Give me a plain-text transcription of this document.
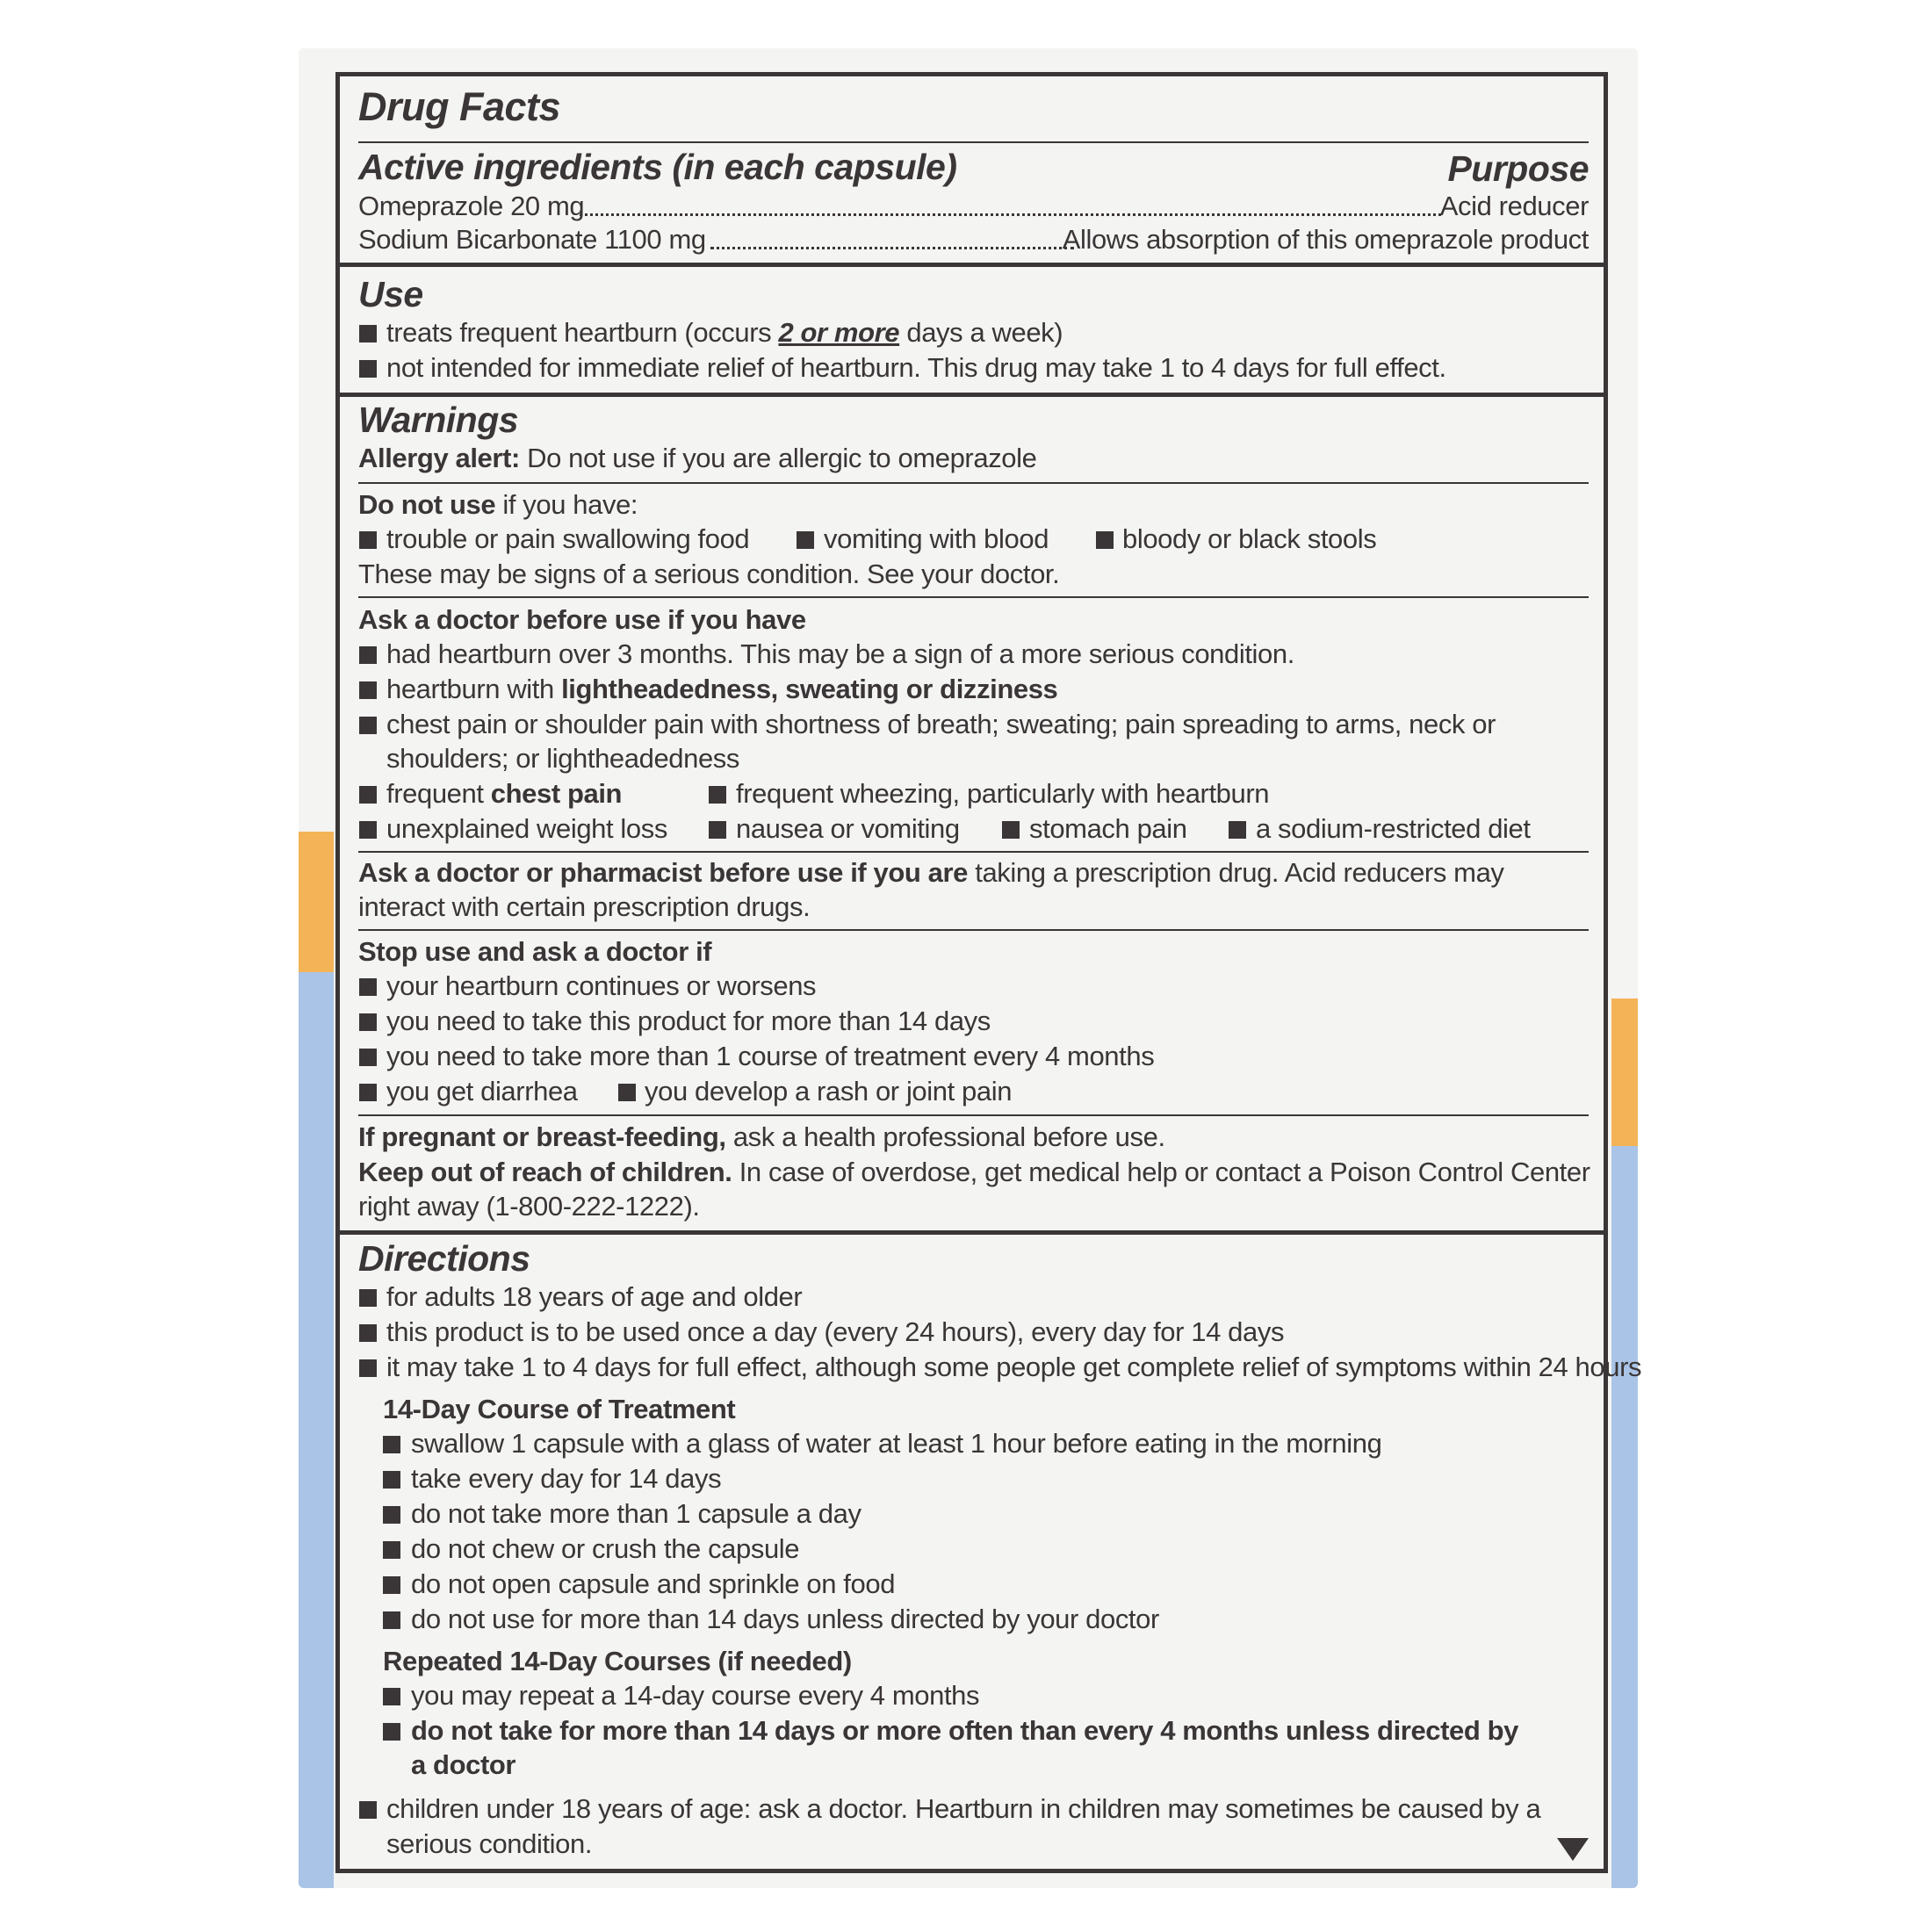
Drug Facts
Active ingredients (in each capsule)	Purpose
Omeprazole 20 mg	Acid reducer
Sodium Bicarbonate 1100 mg	Allows absorption of this omeprazole product
Use
treats frequent heartburn (occurs 2 or more days a week)
not intended for immediate relief of heartburn. This drug may take 1 to 4 days for full effect.
Warnings
Allergy alert: Do not use if you are allergic to omeprazole
Do not use if you have:
trouble or pain swallowing food	vomiting with blood	bloody or black stools
These may be signs of a serious condition. See your doctor.
Ask a doctor before use if you have
had heartburn over 3 months. This may be a sign of a more serious condition.
heartburn with lightheadedness, sweating or dizziness
chest pain or shoulder pain with shortness of breath; sweating; pain spreading to arms, neck or
shoulders; or lightheadedness
frequent chest pain	frequent wheezing, particularly with heartburn
unexplained weight loss	nausea or vomiting	stomach pain	a sodium-restricted diet
Ask a doctor or pharmacist before use if you are taking a prescription drug. Acid reducers may
interact with certain prescription drugs.
Stop use and ask a doctor if
your heartburn continues or worsens
you need to take this product for more than 14 days
you need to take more than 1 course of treatment every 4 months
you get diarrhea you develop a rash or joint pain
If pregnant or breast-feeding, ask a health professional before use.
Keep out of reach of children. In case of overdose, get medical help or contact a Poison Control Center
right away (1-800-222-1222).
Directions
for adults 18 years of age and older
this product is to be used once a day (every 24 hours), every day for 14 days
it may take 1 to 4 days for full effect, although some people get complete relief of symptoms within 24 hours
14-Day Course of Treatment
swallow 1 capsule with a glass of water at least 1 hour before eating in the morning
take every day for 14 days
do not take more than 1 capsule a day
do not chew or crush the capsule
do not open capsule and sprinkle on food
do not use for more than 14 days unless directed by your doctor
Repeated 14-Day Courses (if needed)
you may repeat a 14-day course every 4 months
do not take for more than 14 days or more often than every 4 months unless directed by
a doctor
children under 18 years of age: ask a doctor. Heartburn in children may sometimes be caused by a
serious condition.
